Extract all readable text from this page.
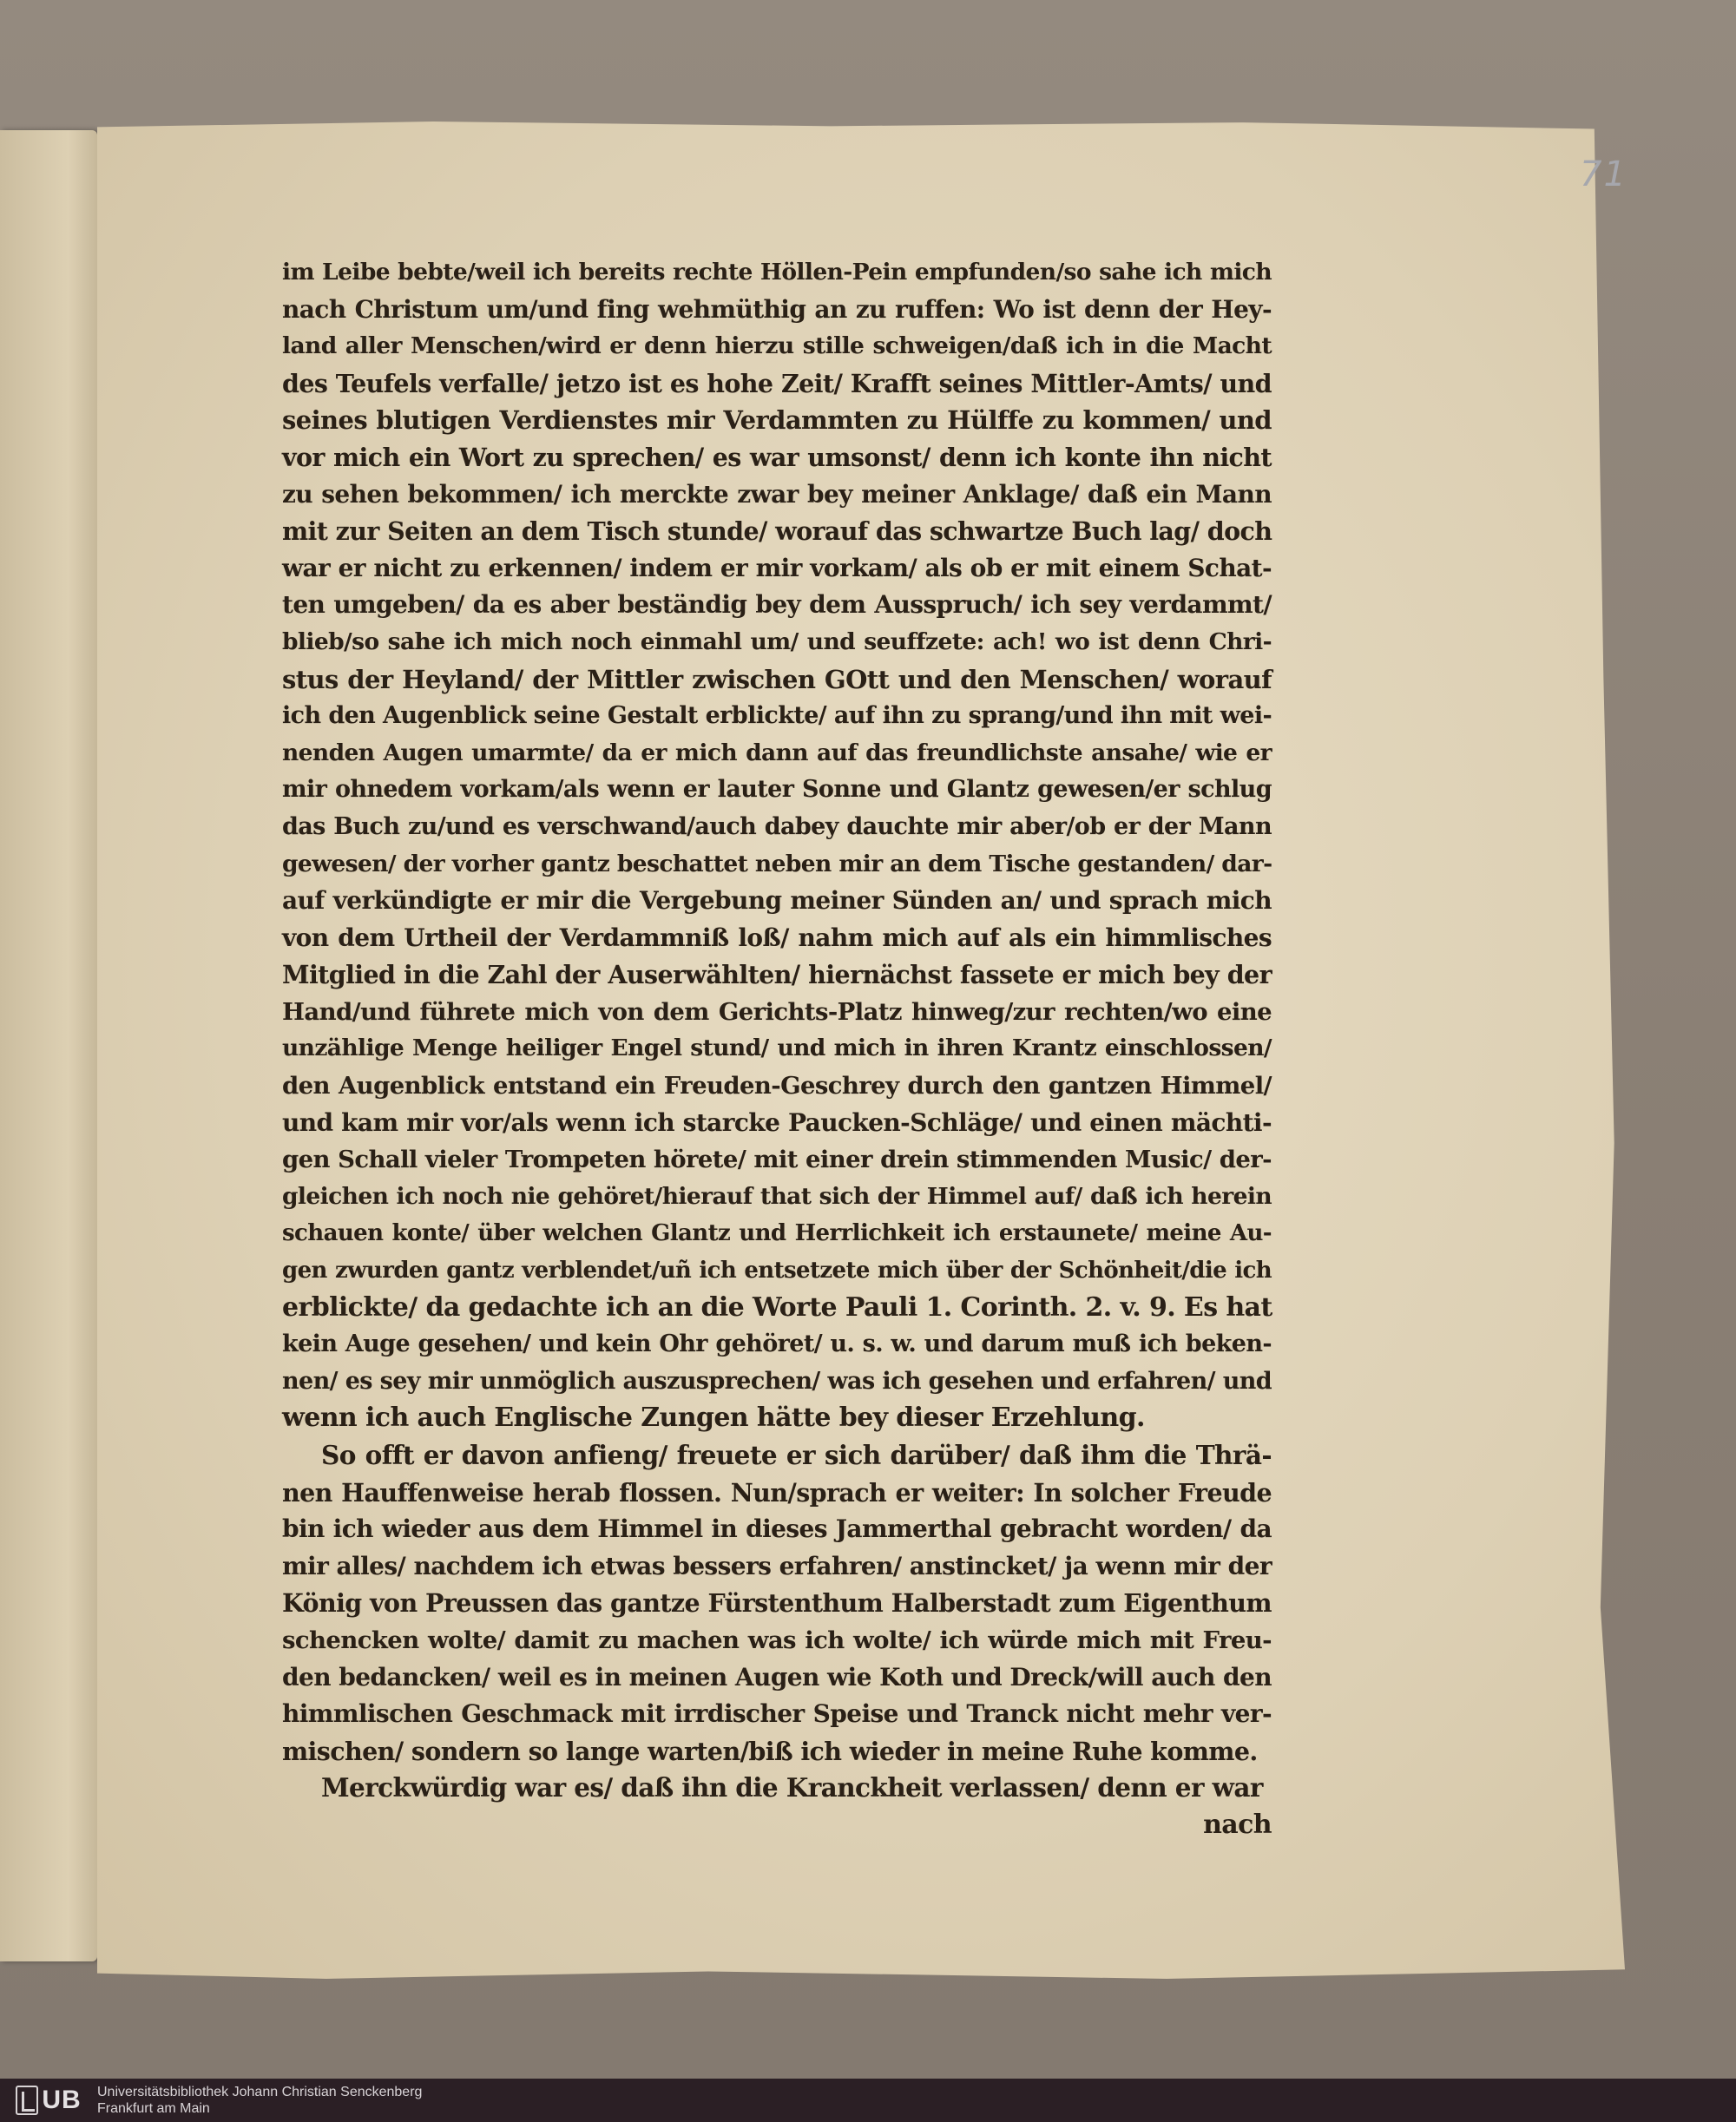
71
im Leibe bebte/weil ich bereits rechte Höllen-Pein empfunden/so sahe ich mich
nach Christum um/und fing wehmüthig an zu ruffen: Wo ist denn der Hey-
land aller Menschen/wird er denn hierzu stille schweigen/daß ich in die Macht
des Teufels verfalle/ jetzo ist es hohe Zeit/ Krafft seines Mittler-Amts/ und
seines blutigen Verdienstes mir Verdammten zu Hülffe zu kommen/ und
vor mich ein Wort zu sprechen/ es war umsonst/ denn ich konte ihn nicht
zu sehen bekommen/ ich merckte zwar bey meiner Anklage/ daß ein Mann
mit zur Seiten an dem Tisch stunde/ worauf das schwartze Buch lag/ doch
war er nicht zu erkennen/ indem er mir vorkam/ als ob er mit einem Schat-
ten umgeben/ da es aber beständig bey dem Ausspruch/ ich sey verdammt/
blieb/so sahe ich mich noch einmahl um/ und seuffzete: ach! wo ist denn Chri-
stus der Heyland/ der Mittler zwischen GOtt und den Menschen/ worauf
ich den Augenblick seine Gestalt erblickte/ auf ihn zu sprang/und ihn mit wei-
nenden Augen umarmte/ da er mich dann auf das freundlichste ansahe/ wie er
mir ohnedem vorkam/als wenn er lauter Sonne und Glantz gewesen/er schlug
das Buch zu/und es verschwand/auch dabey dauchte mir aber/ob er der Mann
gewesen/ der vorher gantz beschattet neben mir an dem Tische gestanden/ dar-
auf verkündigte er mir die Vergebung meiner Sünden an/ und sprach mich
von dem Urtheil der Verdammniß loß/ nahm mich auf als ein himmlisches
Mitglied in die Zahl der Auserwählten/ hiernächst fassete er mich bey der
Hand/und führete mich von dem Gerichts-Platz hinweg/zur rechten/wo eine
unzählige Menge heiliger Engel stund/ und mich in ihren Krantz einschlossen/
den Augenblick entstand ein Freuden-Geschrey durch den gantzen Himmel/
und kam mir vor/als wenn ich starcke Paucken-Schläge/ und einen mächti-
gen Schall vieler Trompeten hörete/ mit einer drein stimmenden Music/ der-
gleichen ich noch nie gehöret/hierauf that sich der Himmel auf/ daß ich herein
schauen konte/ über welchen Glantz und Herrlichkeit ich erstaunete/ meine Au-
gen zwurden gantz verblendet/uñ ich entsetzete mich über der Schönheit/die ich
erblickte/ da gedachte ich an die Worte Pauli 1. Corinth. 2. v. 9. Es hat
kein Auge gesehen/ und kein Ohr gehöret/ u. s. w. und darum muß ich beken-
nen/ es sey mir unmöglich auszusprechen/ was ich gesehen und erfahren/ und
wenn ich auch Englische Zungen hätte bey dieser Erzehlung.
So offt er davon anfieng/ freuete er sich darüber/ daß ihm die Thrä-
nen Hauffenweise herab flossen. Nun/sprach er weiter: In solcher Freude
bin ich wieder aus dem Himmel in dieses Jammerthal gebracht worden/ da
mir alles/ nachdem ich etwas bessers erfahren/ anstincket/ ja wenn mir der
König von Preussen das gantze Fürstenthum Halberstadt zum Eigenthum
schencken wolte/ damit zu machen was ich wolte/ ich würde mich mit Freu-
den bedancken/ weil es in meinen Augen wie Koth und Dreck/will auch den
himmlischen Geschmack mit irrdischer Speise und Tranck nicht mehr ver-
mischen/ sondern so lange warten/biß ich wieder in meine Ruhe komme.
Merckwürdig war es/ daß ihn die Kranckheit verlassen/ denn er war
nach
UB Universitätsbibliothek Johann Christian Senckenberg
Frankfurt am Main
